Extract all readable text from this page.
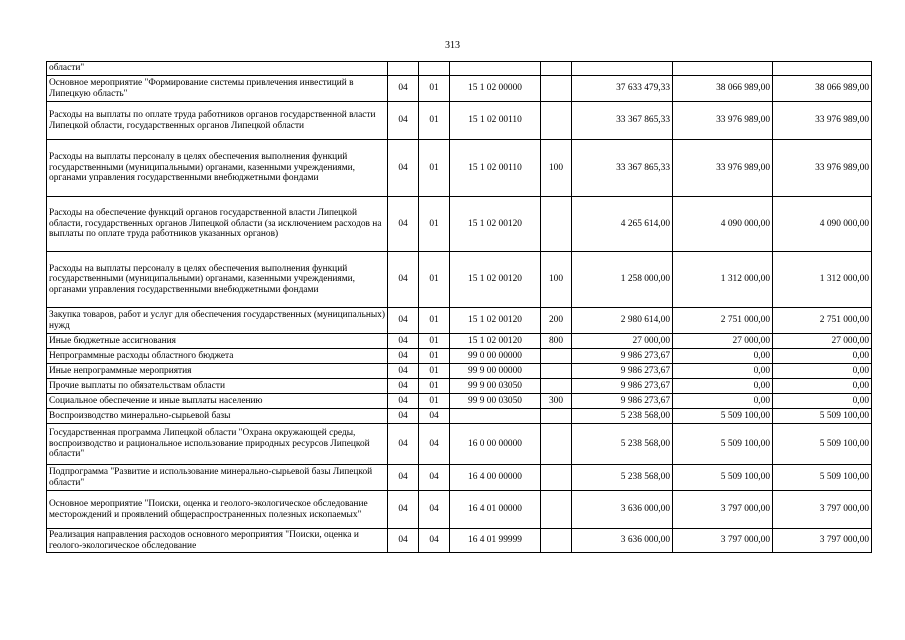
313
области"							
Основное мероприятие "Формирование системы привлечения инвестиций в Липецкую область"	04	01	15 1 02 00000		37 633 479,33	38 066 989,00	38 066 989,00
Расходы на выплаты по оплате труда работников органов государственной власти Липецкой области, государственных органов Липецкой области	04	01	15 1 02 00110		33 367 865,33	33 976 989,00	33 976 989,00
Расходы на выплаты персоналу в целях обеспечения выполнения функций государственными (муниципальными) органами, казенными учреждениями, органами управления государственными внебюджетными фондами	04	01	15 1 02 00110	100	33 367 865,33	33 976 989,00	33 976 989,00
Расходы на обеспечение функций органов государственной власти Липецкой области, государственных органов Липецкой области (за исключением расходов на выплаты по оплате труда работников указанных органов)	04	01	15 1 02 00120		4 265 614,00	4 090 000,00	4 090 000,00
Расходы на выплаты персоналу в целях обеспечения выполнения функций государственными (муниципальными) органами, казенными учреждениями, органами управления государственными внебюджетными фондами	04	01	15 1 02 00120	100	1 258 000,00	1 312 000,00	1 312 000,00
Закупка товаров, работ и услуг для обеспечения государственных (муниципальных) нужд	04	01	15 1 02 00120	200	2 980 614,00	2 751 000,00	2 751 000,00
Иные бюджетные ассигнования	04	01	15 1 02 00120	800	27 000,00	27 000,00	27 000,00
Непрограммные расходы областного бюджета	04	01	99 0 00 00000		9 986 273,67	0,00	0,00
Иные непрограммные мероприятия	04	01	99 9 00 00000		9 986 273,67	0,00	0,00
Прочие выплаты по обязательствам области	04	01	99 9 00 03050		9 986 273,67	0,00	0,00
Социальное обеспечение и иные выплаты населению	04	01	99 9 00 03050	300	9 986 273,67	0,00	0,00
Воспроизводство минерально-сырьевой базы	04	04			5 238 568,00	5 509 100,00	5 509 100,00
Государственная программа Липецкой области "Охрана окружающей среды, воспроизводство и рациональное использование природных ресурсов Липецкой области"	04	04	16 0 00 00000		5 238 568,00	5 509 100,00	5 509 100,00
Подпрограмма "Развитие и использование минерально-сырьевой базы Липецкой области"	04	04	16 4 00 00000		5 238 568,00	5 509 100,00	5 509 100,00
Основное мероприятие "Поиски, оценка и геолого-экологическое обследование месторождений и проявлений общераспространенных полезных ископаемых"	04	04	16 4 01 00000		3 636 000,00	3 797 000,00	3 797 000,00
Реализация направления расходов основного мероприятия "Поиски, оценка и геолого-экологическое обследование	04	04	16 4 01 99999		3 636 000,00	3 797 000,00	3 797 000,00
